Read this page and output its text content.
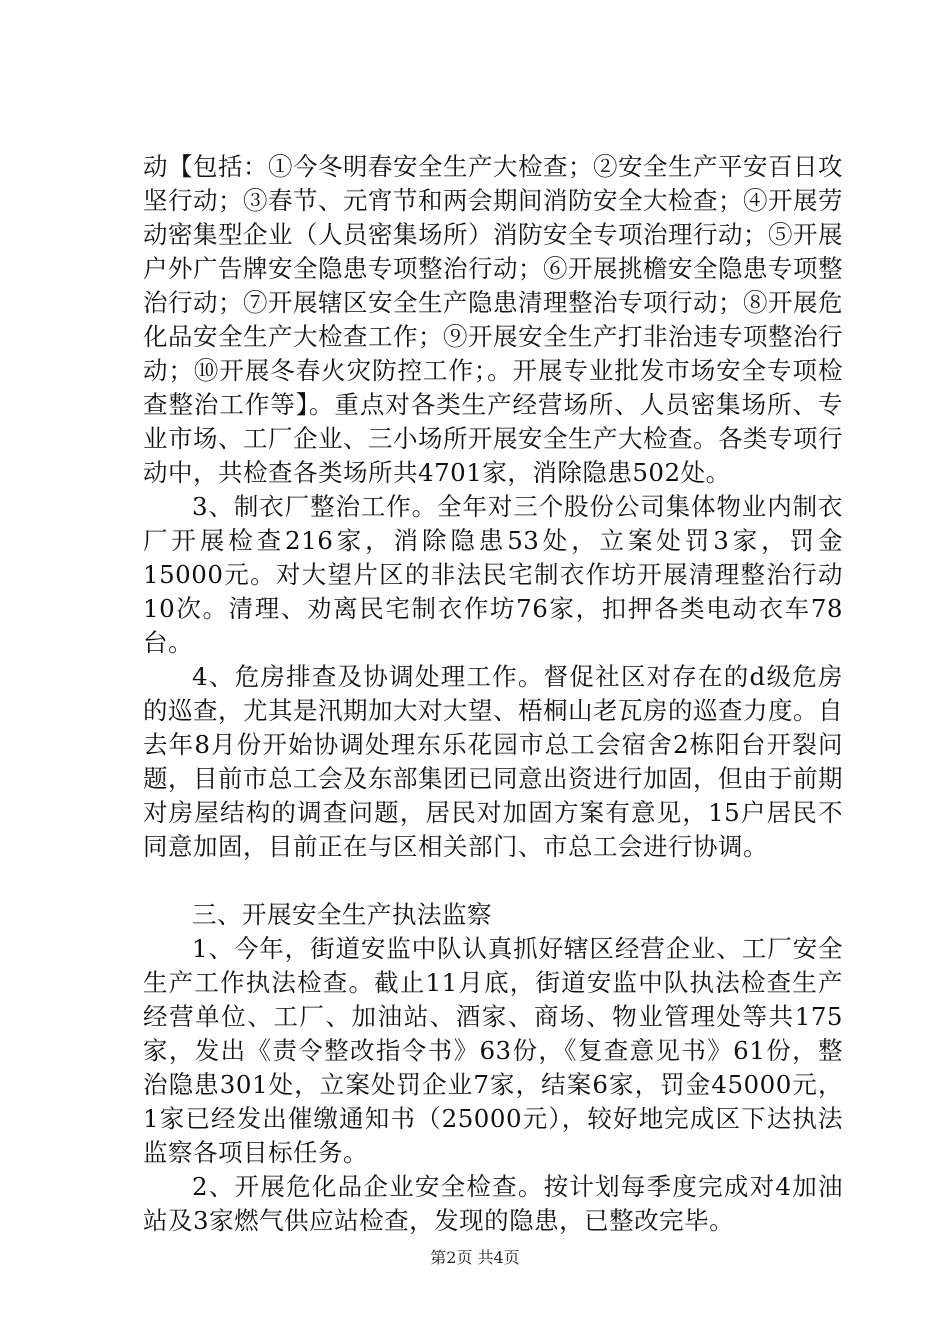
动【包括：①今冬明春安全生产大检查；②安全生产平安百日攻坚行动；③春节、元宵节和两会期间消防安全大检查；④开展劳动密集型企业（人员密集场所）消防安全专项治理行动；⑤开展户外广告牌安全隐患专项整治行动；⑥开展挑檐安全隐患专项整治行动；⑦开展辖区安全生产隐患清理整治专项行动；⑧开展危化品安全生产大检查工作；⑨开展安全生产打非治违专项整治行动；⑩开展冬春火灾防控工作；。开展专业批发市场安全专项检查整治工作等】。重点对各类生产经营场所、人员密集场所、专业市场、工厂企业、三小场所开展安全生产大检查。各类专项行动中，共检查各类场所共4701家，消除隐患502处。

3、制衣厂整治工作。全年对三个股份公司集体物业内制衣厂开展检查216家，消除隐患53处，立案处罚3家，罚金15000元。对大望片区的非法民宅制衣作坊开展清理整治行动10次。清理、劝离民宅制衣作坊76家，扣押各类电动衣车78台。

4、危房排查及协调处理工作。督促社区对存在的d级危房的巡查，尤其是汛期加大对大望、梧桐山老瓦房的巡查力度。自去年8月份开始协调处理东乐花园市总工会宿舍2栋阳台开裂问题，目前市总工会及东部集团已同意出资进行加固，但由于前期对房屋结构的调查问题，居民对加固方案有意见，15户居民不同意加固，目前正在与区相关部门、市总工会进行协调。

三、开展安全生产执法监察

1、今年，街道安监中队认真抓好辖区经营企业、工厂安全生产工作执法检查。截止11月底，街道安监中队执法检查生产经营单位、工厂、加油站、酒家、商场、物业管理处等共175家，发出《责令整改指令书》63份，《复查意见书》61份，整治隐患301处，立案处罚企业7家，结案6家，罚金45000元，1家已经发出催缴通知书（25000元），较好地完成区下达执法监察各项目标任务。

2、开展危化品企业安全检查。按计划每季度完成对4加油站及3家燃气供应站检查，发现的隐患，已整改完毕。

第2页 共4页
